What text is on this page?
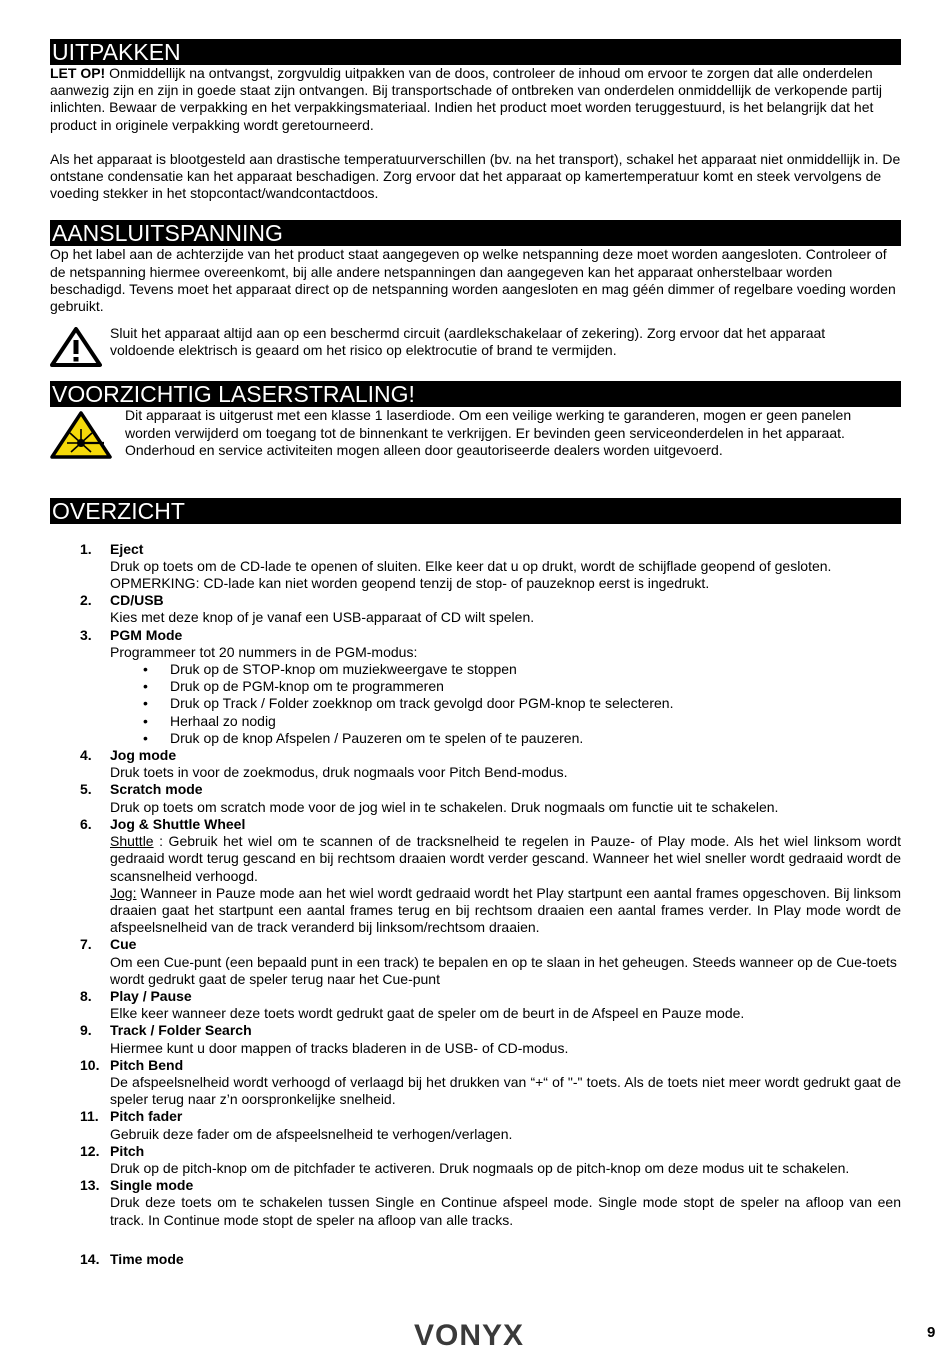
UITPAKKEN

LET OP! Onmiddellijk na ontvangst, zorgvuldig uitpakken van de doos, controleer de inhoud om ervoor te zorgen dat alle onderdelen aanwezig zijn en zijn in goede staat zijn ontvangen. Bij transportschade of ontbreken van onderdelen onmiddellijk de verkopende partij inlichten. Bewaar de verpakking en het verpakkingsmateriaal. Indien het product moet worden teruggestuurd, is het belangrijk dat het product in originele verpakking wordt geretourneerd.

Als het apparaat is blootgesteld aan drastische temperatuurverschillen (bv. na het transport), schakel het apparaat niet onmiddellijk in. De ontstane condensatie kan het apparaat beschadigen. Zorg ervoor dat het apparaat op kamertemperatuur komt en steek vervolgens de voeding stekker in het stopcontact/wandcontactdoos.

AANSLUITSPANNING

Op het label aan de achterzijde van het product staat aangegeven op welke netspanning deze moet worden aangesloten. Controleer of de netspanning hiermee overeenkomt, bij alle andere netspanningen dan aangegeven kan het apparaat onherstelbaar worden beschadigd. Tevens moet het apparaat direct op de netspanning worden aangesloten en mag géén dimmer of regelbare voeding worden gebruikt.

Sluit het apparaat altijd aan op een beschermd circuit (aardlekschakelaar of zekering). Zorg ervoor dat het apparaat voldoende elektrisch is geaard om het risico op elektrocutie of brand te vermijden.

VOORZICHTIG LASERSTRALING!

Dit apparaat is uitgerust met een klasse 1 laserdiode. Om een veilige werking te garanderen, mogen er geen panelen worden verwijderd om toegang tot de binnenkant te verkrijgen. Er bevinden geen serviceonderdelen in het apparaat. Onderhoud en service activiteiten mogen alleen door geautoriseerde dealers worden uitgevoerd.

OVERZICHT
1.	Eject

Druk op toets om de CD-lade te openen of sluiten. Elke keer dat u op drukt, wordt de schijflade geopend of gesloten.

OPMERKING: CD-lade kan niet worden geopend tenzij de stop- of pauzeknop eerst is ingedrukt.

2.	CD/USB

Kies met deze knop of je vanaf een USB-apparaat of CD wilt spelen.

3.	PGM Mode

Programmeer tot 20 nummers in de PGM-modus:

• Druk op de STOP-knop om muziekweergave te stoppen
• Druk op de PGM-knop om te programmeren
• Druk op Track / Folder zoekknop om track gevolgd door PGM-knop te selecteren.
• Herhaal zo nodig
• Druk op de knop Afspelen / Pauzeren om te spelen of te pauzeren.
4.	Jog mode

Druk toets in voor de zoekmodus, druk nogmaals voor Pitch Bend-modus.

5.	Scratch mode

Druk op toets om scratch mode voor de jog wiel in te schakelen. Druk nogmaals om functie uit te schakelen.

6.	Jog & Shuttle Wheel

Shuttle : Gebruik het wiel om te scannen of de tracksnelheid te regelen in Pauze- of Play mode. Als het wiel linksom wordt gedraaid wordt terug gescand en bij rechtsom draaien wordt verder gescand. Wanneer het wiel sneller wordt gedraaid wordt de scansnelheid verhoogd.

Jog: Wanneer in Pauze mode aan het wiel wordt gedraaid wordt het Play startpunt een aantal frames opgeschoven. Bij linksom draaien gaat het startpunt een aantal frames terug en bij rechtsom draaien een aantal frames verder. In Play mode wordt de afspeelsnelheid van de track veranderd bij linksom/rechtsom draaien.

7.	Cue

Om een Cue-punt (een bepaald punt in een track) te bepalen en op te slaan in het geheugen. Steeds wanneer op de Cue-toets wordt gedrukt gaat de speler terug naar het Cue-punt

8.	Play / Pause

Elke keer wanneer deze toets wordt gedrukt gaat de speler om de beurt in de Afspeel en Pauze mode.

9.	Track / Folder Search

Hiermee kunt u door mappen of tracks bladeren in de USB- of CD-modus.

10. Pitch Bend

De afspeelsnelheid wordt verhoogd of verlaagd bij het drukken van “+“ of "-" toets. Als de toets niet meer wordt gedrukt gaat de speler terug naar z’n oorspronkelijke snelheid.

11. Pitch fader

Gebruik deze fader om de afspeelsnelheid te verhogen/verlagen.

12. Pitch

Druk op de pitch-knop om de pitchfader te activeren. Druk nogmaals op de pitch-knop om deze modus uit te schakelen.

13. Single mode

Druk deze toets om te schakelen tussen Single en Continue afspeel mode. Single mode stopt de speler na afloop van een track. In Continue mode stopt de speler na afloop van alle tracks.

14. Time mode
VONYX	9
